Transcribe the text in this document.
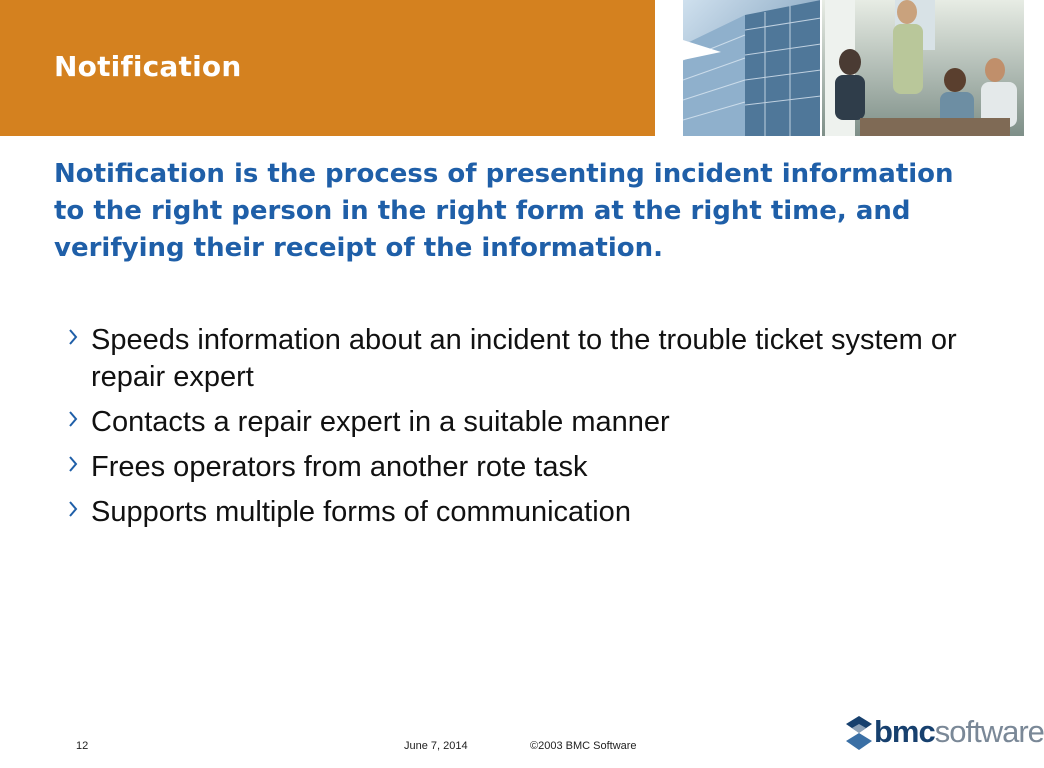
Notification
Notification is the process of presenting incident information to the right person in the right form at the right time, and verifying their receipt of the information.
Speeds information about an incident to the trouble ticket system or repair expert
Contacts a repair expert in a suitable manner
Frees operators from another rote task
Supports multiple forms of communication
12	June 7, 2014	©2003 BMC Software	bmcsoftware
